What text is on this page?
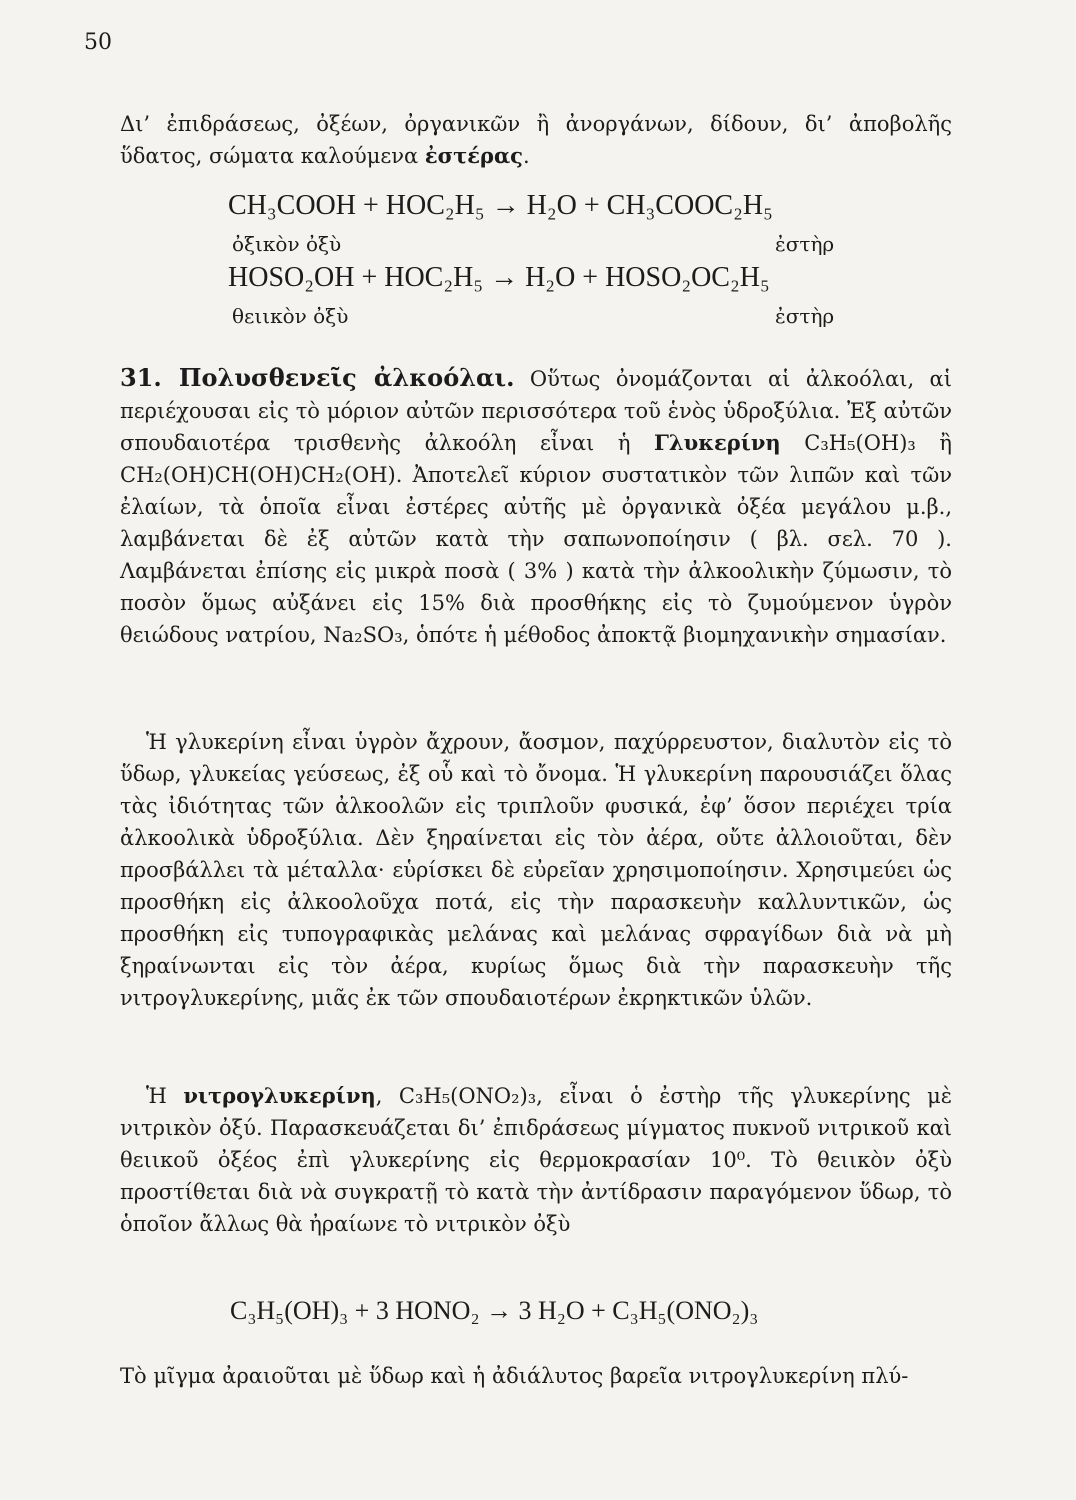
50
Δι’ ἐπιδράσεως, ὀξέων, ὀργανικῶν ἢ ἀνοργάνων, δίδουν, δι’ ἀποβολῆς ὕδατος, σώματα καλούμενα ἐστέρας.
CH₃COOH + HOC₂H₅ → H₂O + CH₃COOC₂H₅
ὀξικὸν ὀξὺ	ἐστὴρ
HOSO₂OH + HOC₂H₅ → H₂O + HOSO₂OC₂H₅
θειικὸν ὀξὺ	ἐστὴρ
31. Πολυσθενεῖς ἀλκοόλαι. Οὕτως ὀνομάζονται αἱ ἀλκοόλαι, αἱ περιέχουσαι εἰς τὸ μόριον αὐτῶν περισσότερα τοῦ ἑνὸς ὑδροξύλια. Ἐξ αὐτῶν σπουδαιοτέρα τρισθενὴς ἀλκοόλη εἶναι ἡ Γλυκερίνη C₃H₅(OH)₃ ἢ CH₂(OH)CH(OH)CH₂(OH). Ἀποτελεῖ κύριον συστατικὸν τῶν λιπῶν καὶ τῶν ἐλαίων, τὰ ὁποῖα εἶναι ἐστέρες αὐτῆς μὲ ὀργανικὰ ὀξέα μεγάλου μ.β., λαμβάνεται δὲ ἐξ αὐτῶν κατὰ τὴν σαπωνοποίησιν ( βλ. σελ. 70 ). Λαμβάνεται ἐπίσης εἰς μικρὰ ποσὰ ( 3% ) κατὰ τὴν ἀλκοολικὴν ζύμωσιν, τὸ ποσὸν ὅμως αὐξάνει εἰς 15% διὰ προσθήκης εἰς τὸ ζυμούμενον ὑγρὸν θειώδους νατρίου, Na₂SO₃, ὁπότε ἡ μέθοδος ἀποκτᾷ βιομηχανικὴν σημασίαν.
Ἡ γλυκερίνη εἶναι ὑγρὸν ἄχρουν, ἄοσμον, παχύρρευστον, διαλυτὸν εἰς τὸ ὕδωρ, γλυκείας γεύσεως, ἐξ οὗ καὶ τὸ ὄνομα. Ἡ γλυκερίνη παρουσιάζει ὅλας τὰς ἰδιότητας τῶν ἀλκοολῶν εἰς τριπλοῦν φυσικά, ἐφ’ ὅσον περιέχει τρία ἀλκοολικὰ ὑδροξύλια. Δὲν ξηραίνεται εἰς τὸν ἀέρα, οὔτε ἀλλοιοῦται, δὲν προσβάλλει τὰ μέταλλα· εὑρίσκει δὲ εὐρεῖαν χρησιμοποίησιν. Χρησιμεύει ὡς προσθήκη εἰς ἀλκοολοῦχα ποτά, εἰς τὴν παρασκευὴν καλλυντικῶν, ὡς προσθήκη εἰς τυπογραφικὰς μελάνας καὶ μελάνας σφραγίδων διὰ νὰ μὴ ξηραίνωνται εἰς τὸν ἀέρα, κυρίως ὅμως διὰ τὴν παρασκευὴν τῆς νιτρογλυκερίνης, μιᾶς ἐκ τῶν σπουδαιοτέρων ἐκρηκτικῶν ὑλῶν.
Ἡ νιτρογλυκερίνη, C₃H₅(ONO₂)₃, εἶναι ὁ ἐστὴρ τῆς γλυκερίνης μὲ νιτρικὸν ὀξύ. Παρασκευάζεται δι’ ἐπιδράσεως μίγματος πυκνοῦ νιτρικοῦ καὶ θειικοῦ ὀξέος ἐπὶ γλυκερίνης εἰς θερμοκρασίαν 10⁰. Τὸ θειικὸν ὀξὺ προστίθεται διὰ νὰ συγκρατῇ τὸ κατὰ τὴν ἀντίδρασιν παραγόμενον ὕδωρ, τὸ ὁποῖον ἄλλως θὰ ἠραίωνε τὸ νιτρικὸν ὀξὺ
C₃H₅(OH)₃ + 3 HONO₂ → 3 H₂O + C₃H₅(ONO₂)₃
Τὸ μῖγμα ἀραιοῦται μὲ ὕδωρ καὶ ἡ ἀδιάλυτος βαρεῖα νιτρογλυκερίνη πλύ-
